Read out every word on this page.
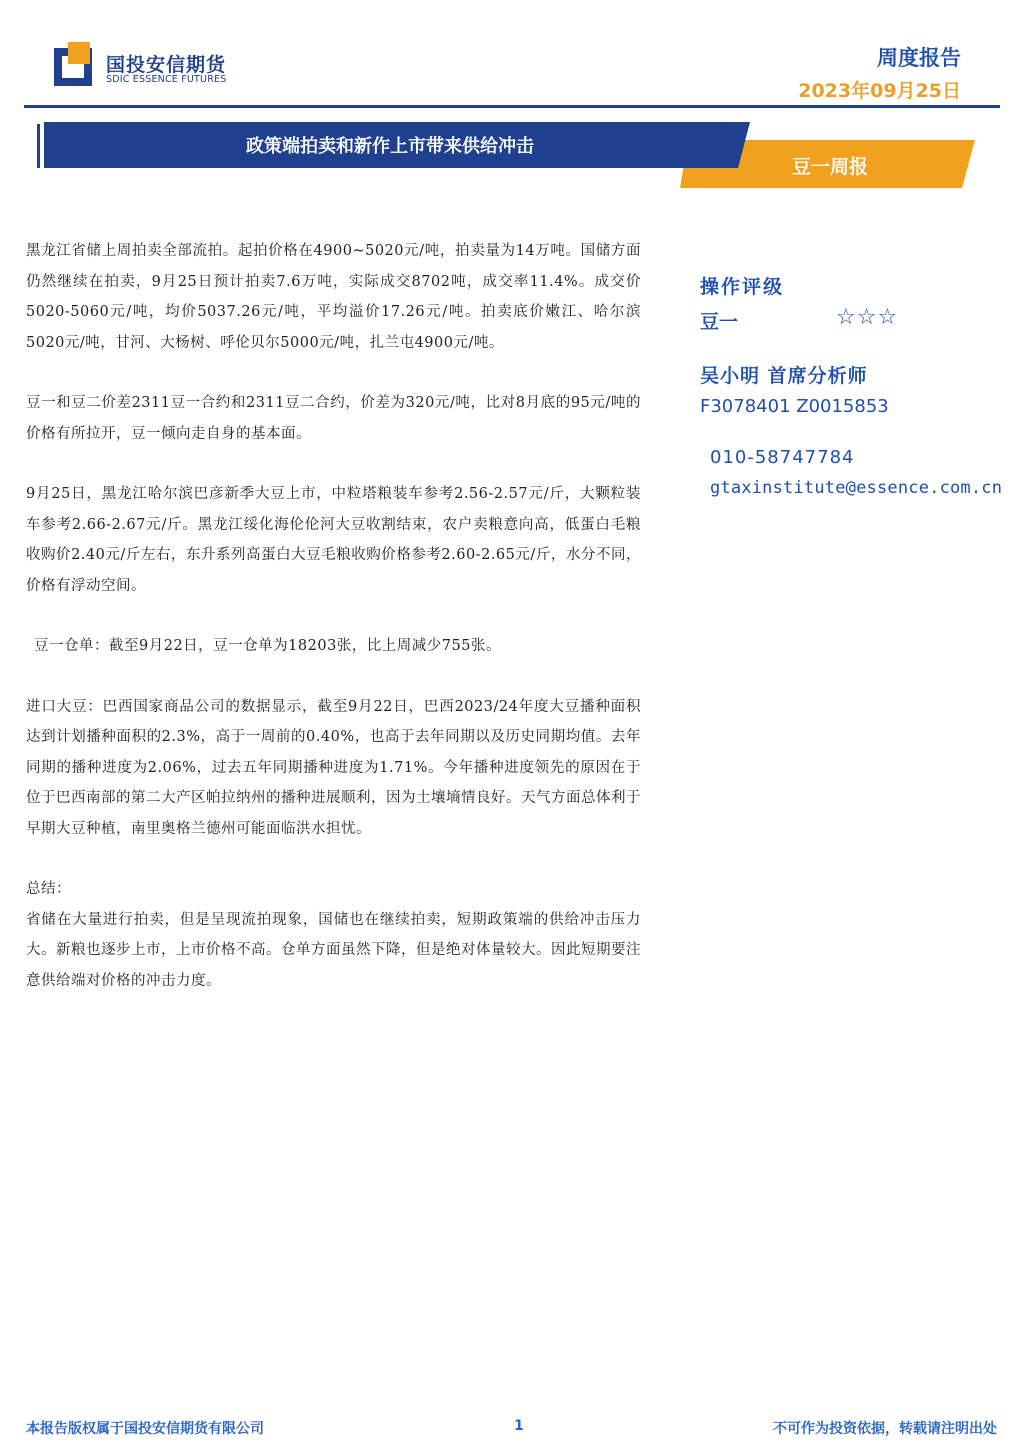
国投安信期货
SDIC ESSENCE FUTURES
周度报告
2023年09月25日
政策端拍卖和新作上市带来供给冲击
豆一周报

黑龙江省储上周拍卖全部流拍。起拍价格在4900~5020元/吨，拍卖量为14万吨。国储方面仍然继续在拍卖，9月25日预计拍卖7.6万吨，实际成交8702吨，成交率11.4%。成交价5020-5060元/吨，均价5037.26元/吨，平均溢价17.26元/吨。拍卖底价嫩江、哈尔滨5020元/吨，甘河、大杨树、呼伦贝尔5000元/吨，扎兰屯4900元/吨。

豆一和豆二价差2311豆一合约和2311豆二合约，价差为320元/吨，比对8月底的95元/吨的价格有所拉开，豆一倾向走自身的基本面。

9月25日，黑龙江哈尔滨巴彦新季大豆上市，中粒塔粮装车参考2.56-2.57元/斤，大颗粒装车参考2.66-2.67元/斤。黑龙江绥化海伦伦河大豆收割结束，农户卖粮意向高，低蛋白毛粮收购价2.40元/斤左右，东升系列高蛋白大豆毛粮收购价格参考2.60-2.65元/斤，水分不同，价格有浮动空间。

豆一仓单：截至9月22日，豆一仓单为18203张，比上周减少755张。

进口大豆：巴西国家商品公司的数据显示，截至9月22日，巴西2023/24年度大豆播种面积达到计划播种面积的2.3%，高于一周前的0.40%，也高于去年同期以及历史同期均值。去年同期的播种进度为2.06%，过去五年同期播种进度为1.71%。今年播种进度领先的原因在于位于巴西南部的第二大产区帕拉纳州的播种进展顺利，因为土壤墒情良好。天气方面总体利于早期大豆种植，南里奥格兰德州可能面临洪水担忧。

总结：
省储在大量进行拍卖，但是呈现流拍现象，国储也在继续拍卖，短期政策端的供给冲击压力大。新粮也逐步上市，上市价格不高。仓单方面虽然下降，但是绝对体量较大。因此短期要注意供给端对价格的冲击力度。

操作评级
豆一	☆☆☆
吴小明 首席分析师
F3078401 Z0015853
010-58747784
gtaxinstitute@essence.com.cn
本报告版权属于国投安信期货有限公司	1	不可作为投资依据，转载请注明出处
